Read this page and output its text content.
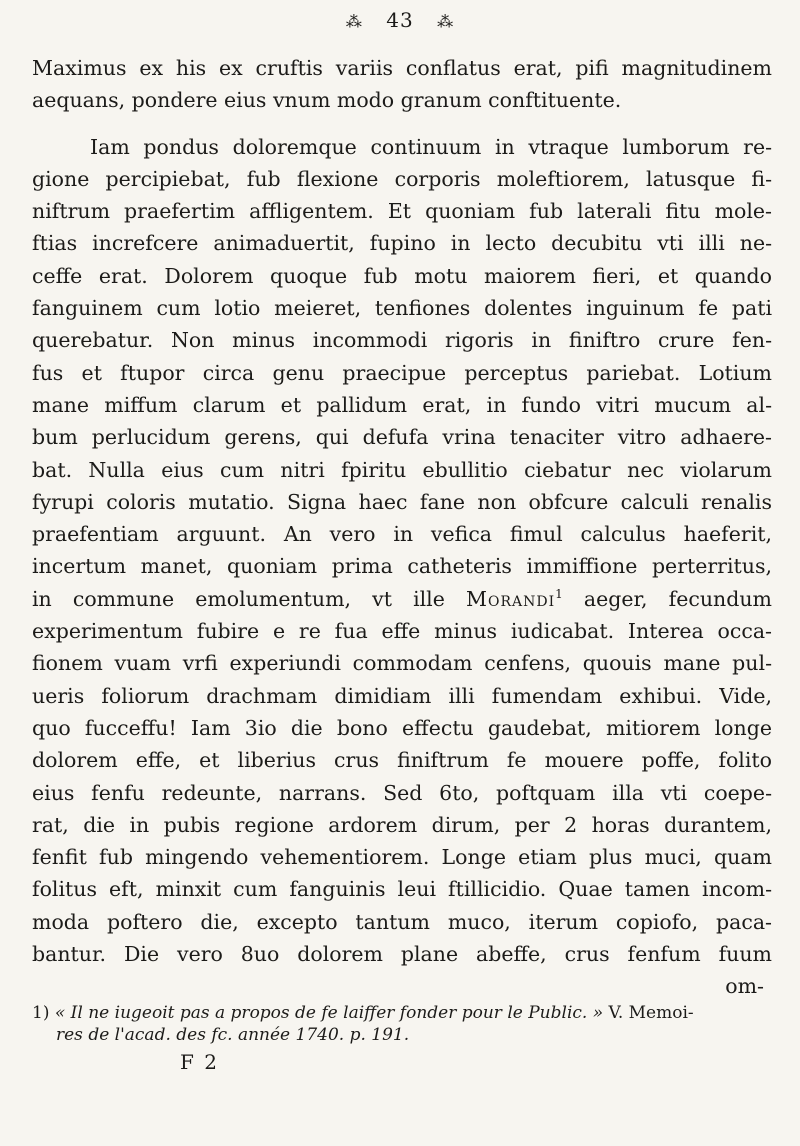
⁂ 43 ⁂
Maximus ex his ex cruftis variis conflatus erat, pifi magnitudinem
aequans, pondere eius vnum modo granum conftituente.
Iam pondus doloremque continuum in vtraque lumborum re-
gione percipiebat, fub flexione corporis moleftiorem, latusque fi-
niftrum praefertim affligentem. Et quoniam fub laterali fitu mole-
ftias increfcere animaduertit, fupino in lecto decubitu vti illi ne-
ceffe erat. Dolorem quoque fub motu maiorem fieri, et quando
fanguinem cum lotio meieret, tenfiones dolentes inguinum fe pati
querebatur. Non minus incommodi rigoris in finiftro crure fen-
fus et ftupor circa genu praecipue perceptus pariebat. Lotium
mane miffum clarum et pallidum erat, in fundo vitri mucum al-
bum perlucidum gerens, qui defufa vrina tenaciter vitro adhaere-
bat. Nulla eius cum nitri fpiritu ebullitio ciebatur nec violarum
fyrupi coloris mutatio. Signa haec fane non obfcure calculi renalis
praefentiam arguunt. An vero in vefica fimul calculus haeferit,
incertum manet, quoniam prima catheteris immiffione perterritus,
in commune emolumentum, vt ille Morandi$^1$ aeger, fecundum
experimentum fubire e re fua effe minus iudicabat. Interea occa-
fionem vuam vrfi experiundi commodam cenfens, quouis mane pul-
ueris foliorum drachmam dimidiam illi fumendam exhibui. Vide,
quo fucceffu! Iam 3io die bono effectu gaudebat, mitiorem longe
dolorem effe, et liberius crus finiftrum fe mouere poffe, folito
eius fenfu redeunte, narrans. Sed 6to, poftquam illa vti coepe-
rat, die in pubis regione ardorem dirum, per 2 horas durantem,
fenfit fub mingendo vehementiorem. Longe etiam plus muci, quam
folitus eft, minxit cum fanguinis leui ftillicidio. Quae tamen incom-
moda poftero die, excepto tantum muco, iterum copiofo, paca-
bantur. Die vero 8uo dolorem plane abeffe, crus fenfum fuum
om-
1) « Il ne iugeoit pas a propos de fe laiffer fonder pour le Public. » V. Memoi-
res de l'acad. des fc. année 1740. p. 191.
F 2
